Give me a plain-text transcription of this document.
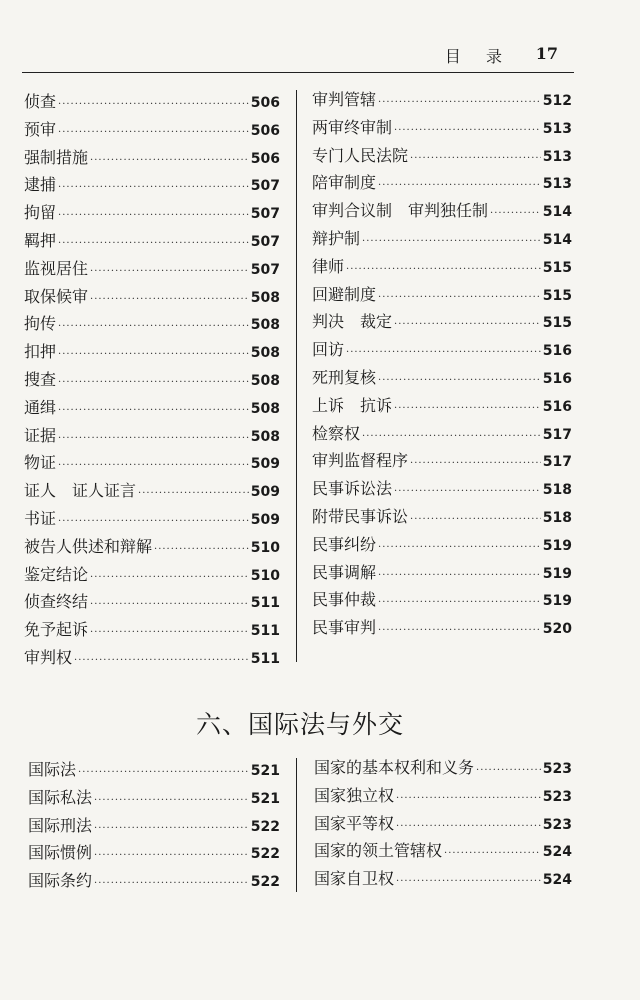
目 录 17
侦查 ·····	506
预审 ·····	506
强制措施 ·····	506
逮捕 ·····	507
拘留 ·····	507
羁押 ·····	507
监视居住 ·····	507
取保候审 ·····	508
拘传 ·····	508
扣押 ·····	508
搜查 ·····	508
通缉 ·····	508
证据 ·····	508
物证 ·····	509
证人　证人证言 ·····	509
书证 ·····	509
被告人供述和辩解 ·····	510
鉴定结论 ·····	510
侦查终结 ·····	511
免予起诉 ·····	511
审判权 ·····	511
审判管辖 ·····	512
两审终审制 ·····	513
专门人民法院 ·····	513
陪审制度 ·····	513
审判合议制　审判独任制 ·····	514
辩护制 ·····	514
律师 ·····	515
回避制度 ·····	515
判决　裁定 ·····	515
回访 ·····	516
死刑复核 ·····	516
上诉　抗诉 ·····	516
检察权 ·····	517
审判监督程序 ·····	517
民事诉讼法 ·····	518
附带民事诉讼 ·····	518
民事纠纷 ·····	519
民事调解 ·····	519
民事仲裁 ·····	519
民事审判 ·····	520
六、国际法与外交
国际法 ·····	521
国际私法 ·····	521
国际刑法 ·····	522
国际惯例 ·····	522
国际条约 ·····	522
国家的基本权利和义务 ·····	523
国家独立权 ·····	523
国家平等权 ·····	523
国家的领土管辖权 ·····	524
国家自卫权 ·····	524
